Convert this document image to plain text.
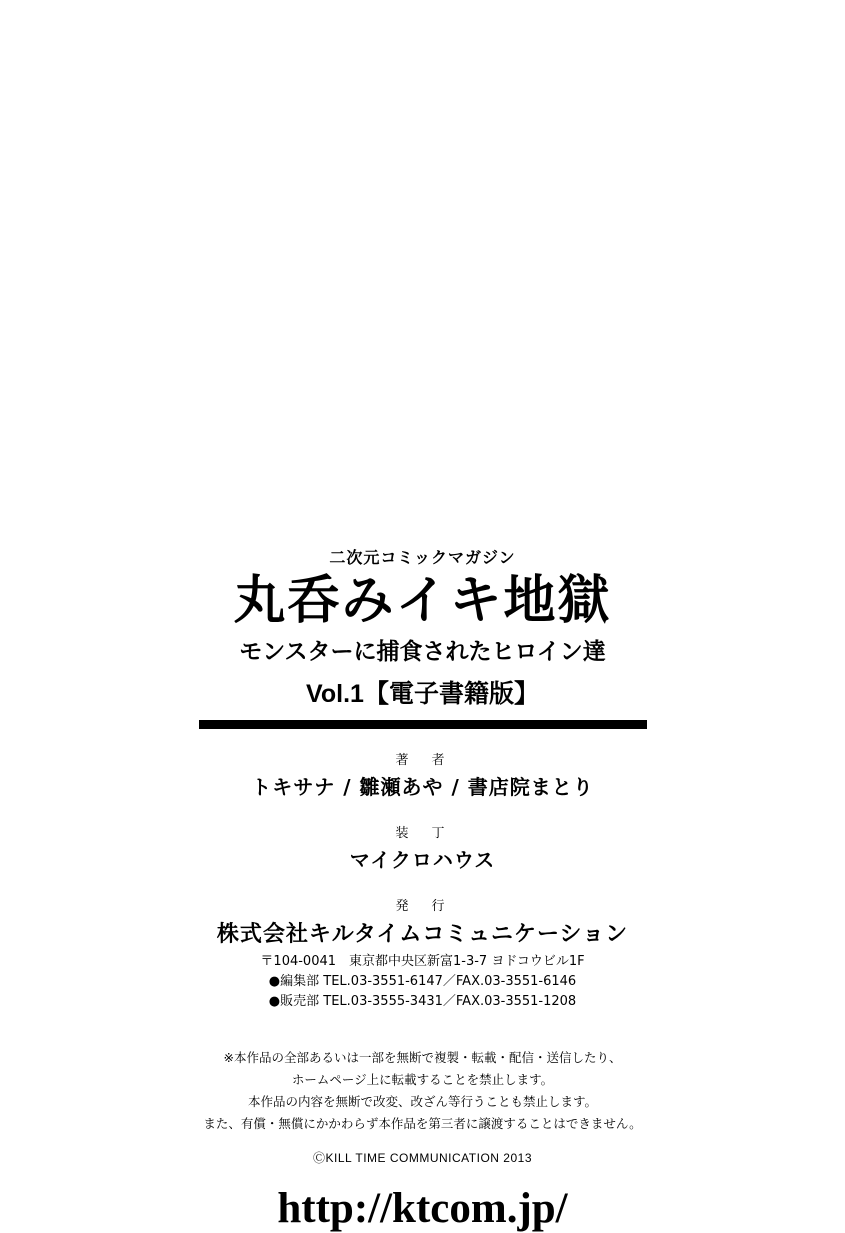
二次元コミックマガジン
丸呑みイキ地獄
モンスターに捕食されたヒロイン達
Vol.1【電子書籍版】
著　者
トキサナ / 雛瀬あや / 書店院まとり
装　丁
マイクロハウス
発　行
株式会社キルタイムコミュニケーション
〒104-0041　東京都中央区新富1-3-7 ヨドコウビル1F
●編集部 TEL.03-3551-6147／FAX.03-3551-6146
●販売部 TEL.03-3555-3431／FAX.03-3551-1208
※本作品の全部あるいは一部を無断で複製・転載・配信・送信したり、
ホームページ上に転載することを禁止します。
本作品の内容を無断で改変、改ざん等行うことも禁止します。
また、有償・無償にかかわらず本作品を第三者に譲渡することはできません。
ⒸKILL TIME COMMUNICATION 2013
http://ktcom.jp/
